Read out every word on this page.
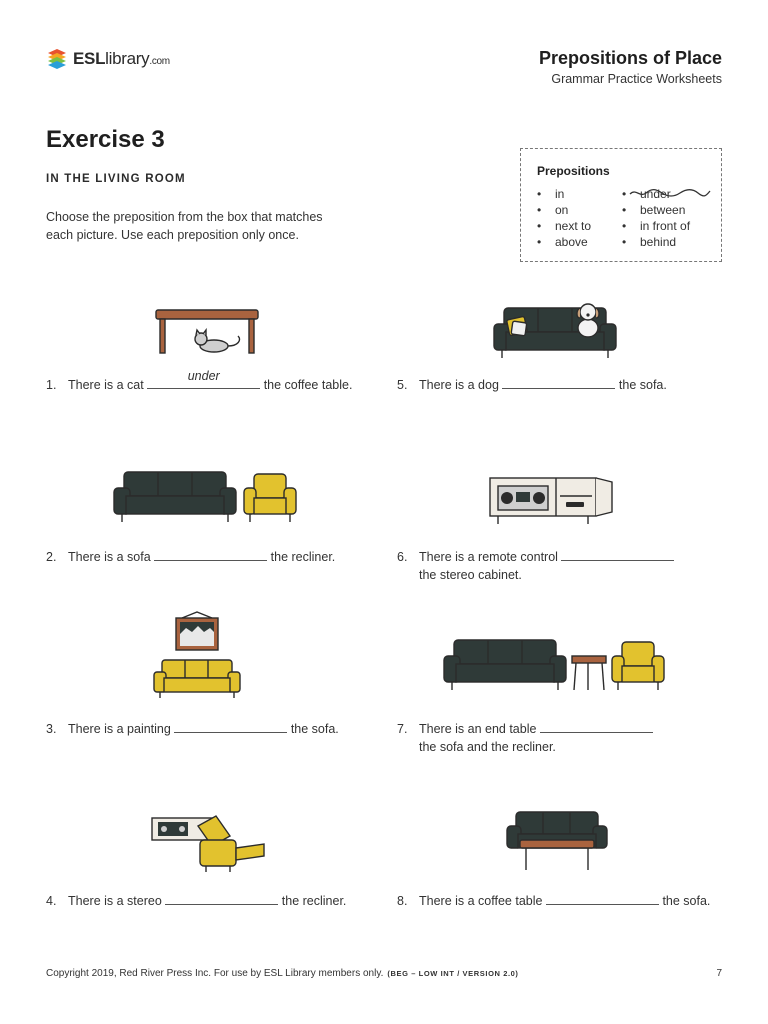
ESLlibrary.com	Prepositions of Place
Grammar Practice Worksheets
Exercise 3
IN THE LIVING ROOM
Choose the preposition from the box that matches
each picture. Use each preposition only once.
Prepositions
• in
• on
• next to
• above
• under
• between
• in front of
• behind
1. There is a cat
under
the coffee table.	5. There is a dog	the sofa.
2. There is a sofa	the recliner.	6. There is a remote control
the stereo cabinet.
3. There is a painting	the sofa.	7. There is an end table
the sofa and the recliner.
4. There is a stereo	the recliner.	8. There is a coffee table	the sofa.
Copyright 2019, Red River Press Inc. For use by ESL Library members only. (BEG – LOW INT / VERSION 2.0)	7
